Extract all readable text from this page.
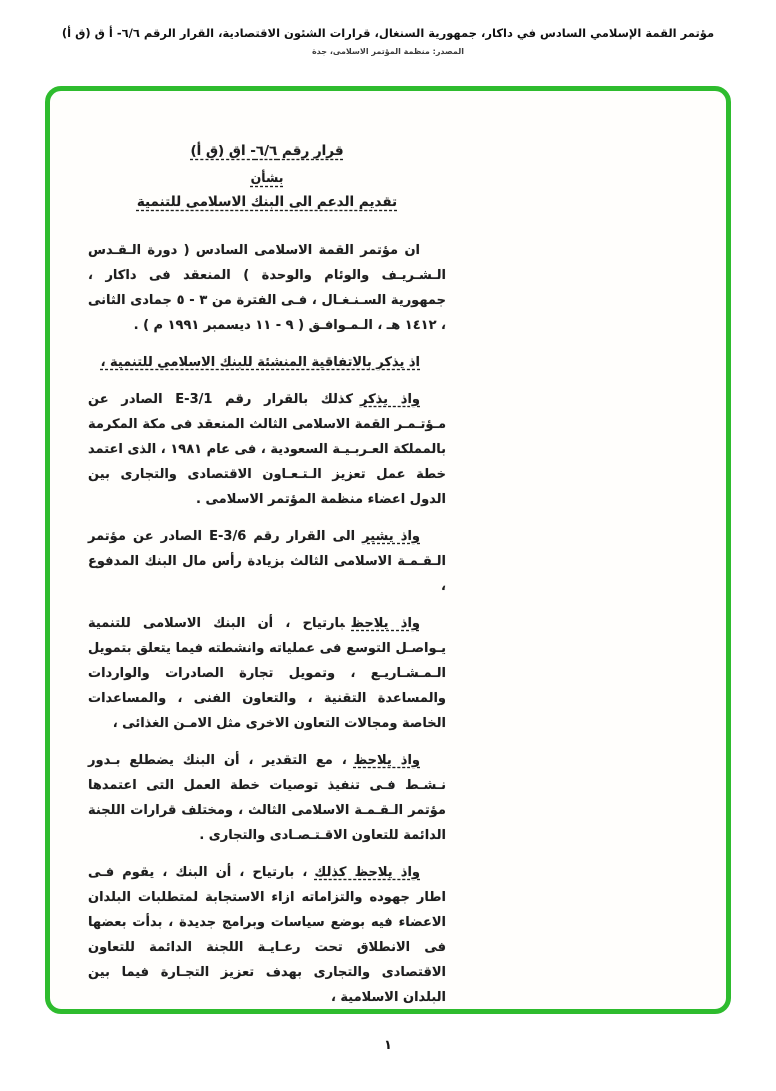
مؤتمر القمة الإسلامي السادس في داكار، جمهورية السنغال، قرارات الشئون الاقتصادية، القرار الرقم ٦/٦- أ ق (ق أ)
المصدر: منظمة المؤتمر الاسلامى، جدة
قرار رقم ٦/٦- اق (ق أ)
بشأن
تقديم الدعم الى البنك الاسلامى للتنمية

ان مؤتمر القمة الاسلامى السادس ( دورة الـقـدس الـشـريـف والوئام والوحدة ) المنعقد فى داكار ، جمهورية السـنـغـال ، فـى الفترة من ٣ - ٥ جمادى الثانى ، ١٤١٢ هـ ، الـمـوافـق ( ٩ - ١١ ديسمبر ١٩٩١ م ) .

اذ يذكر بالاتفاقية المنشئة للبنك الاسلامى للتنمية ،

واذ يذكركذلك بالقرار رقم E-3/1 الصادر عن مـؤتـمـر القمة الاسلامى الثالث المنعقد فى مكة المكرمة بالمملكة العـربـيـة السعودية ، فى عام ١٩٨١ ، الذى اعتمد خطة عمل تعزيز الـتـعـاون الاقتصادى والتجارى بين الدول اعضاء منظمة المؤتمر الاسلامى .

واذ يشيرالى القرار رقم E-3/6 الصادر عن مؤتمر الـقـمـة الاسلامى الثالث بزيادة رأس مال البنك المدفوع ،

واذ يلاحظبارتياح ، أن البنك الاسلامى للتنمية يـواصـل التوسع فى عملياته وانشطته فيما يتعلق بتمويل الـمـشـاريـع ، وتمويل تجارة الصادرات والواردات والمساعدة التقنية ، والتعاون الفنى ، والمساعدات الخاصة ومجالات التعاون الاخرى مثل الامـن الغذائى ،

واذ يلاحظ، مع التقدير ، أن البنك يضطلع بـدور نـشـط فـى تنفيذ توصيات خطة العمل التى اعتمدها مؤتمر الـقـمـة الاسلامى الثالث ، ومختلف قرارات اللجنة الدائمة للتعاون الاقـتـصـادى والتجارى .

واذ يلاحظ كذلك، بارتياح ، أن البنك ، يقوم فـى اطار جهوده والتزاماته ازاء الاستجابة لمتطلبات البلدان الاعضاء فيه بوضع سياسات وبرامج جديدة ، بدأت بعضها فى الانطلاق تحت رعـايـة اللجنة الدائمة للتعاون الاقتصادى والتجارى بهدف تعزيز التجـارة فيما بين البلدان الاسلامية ،

١
